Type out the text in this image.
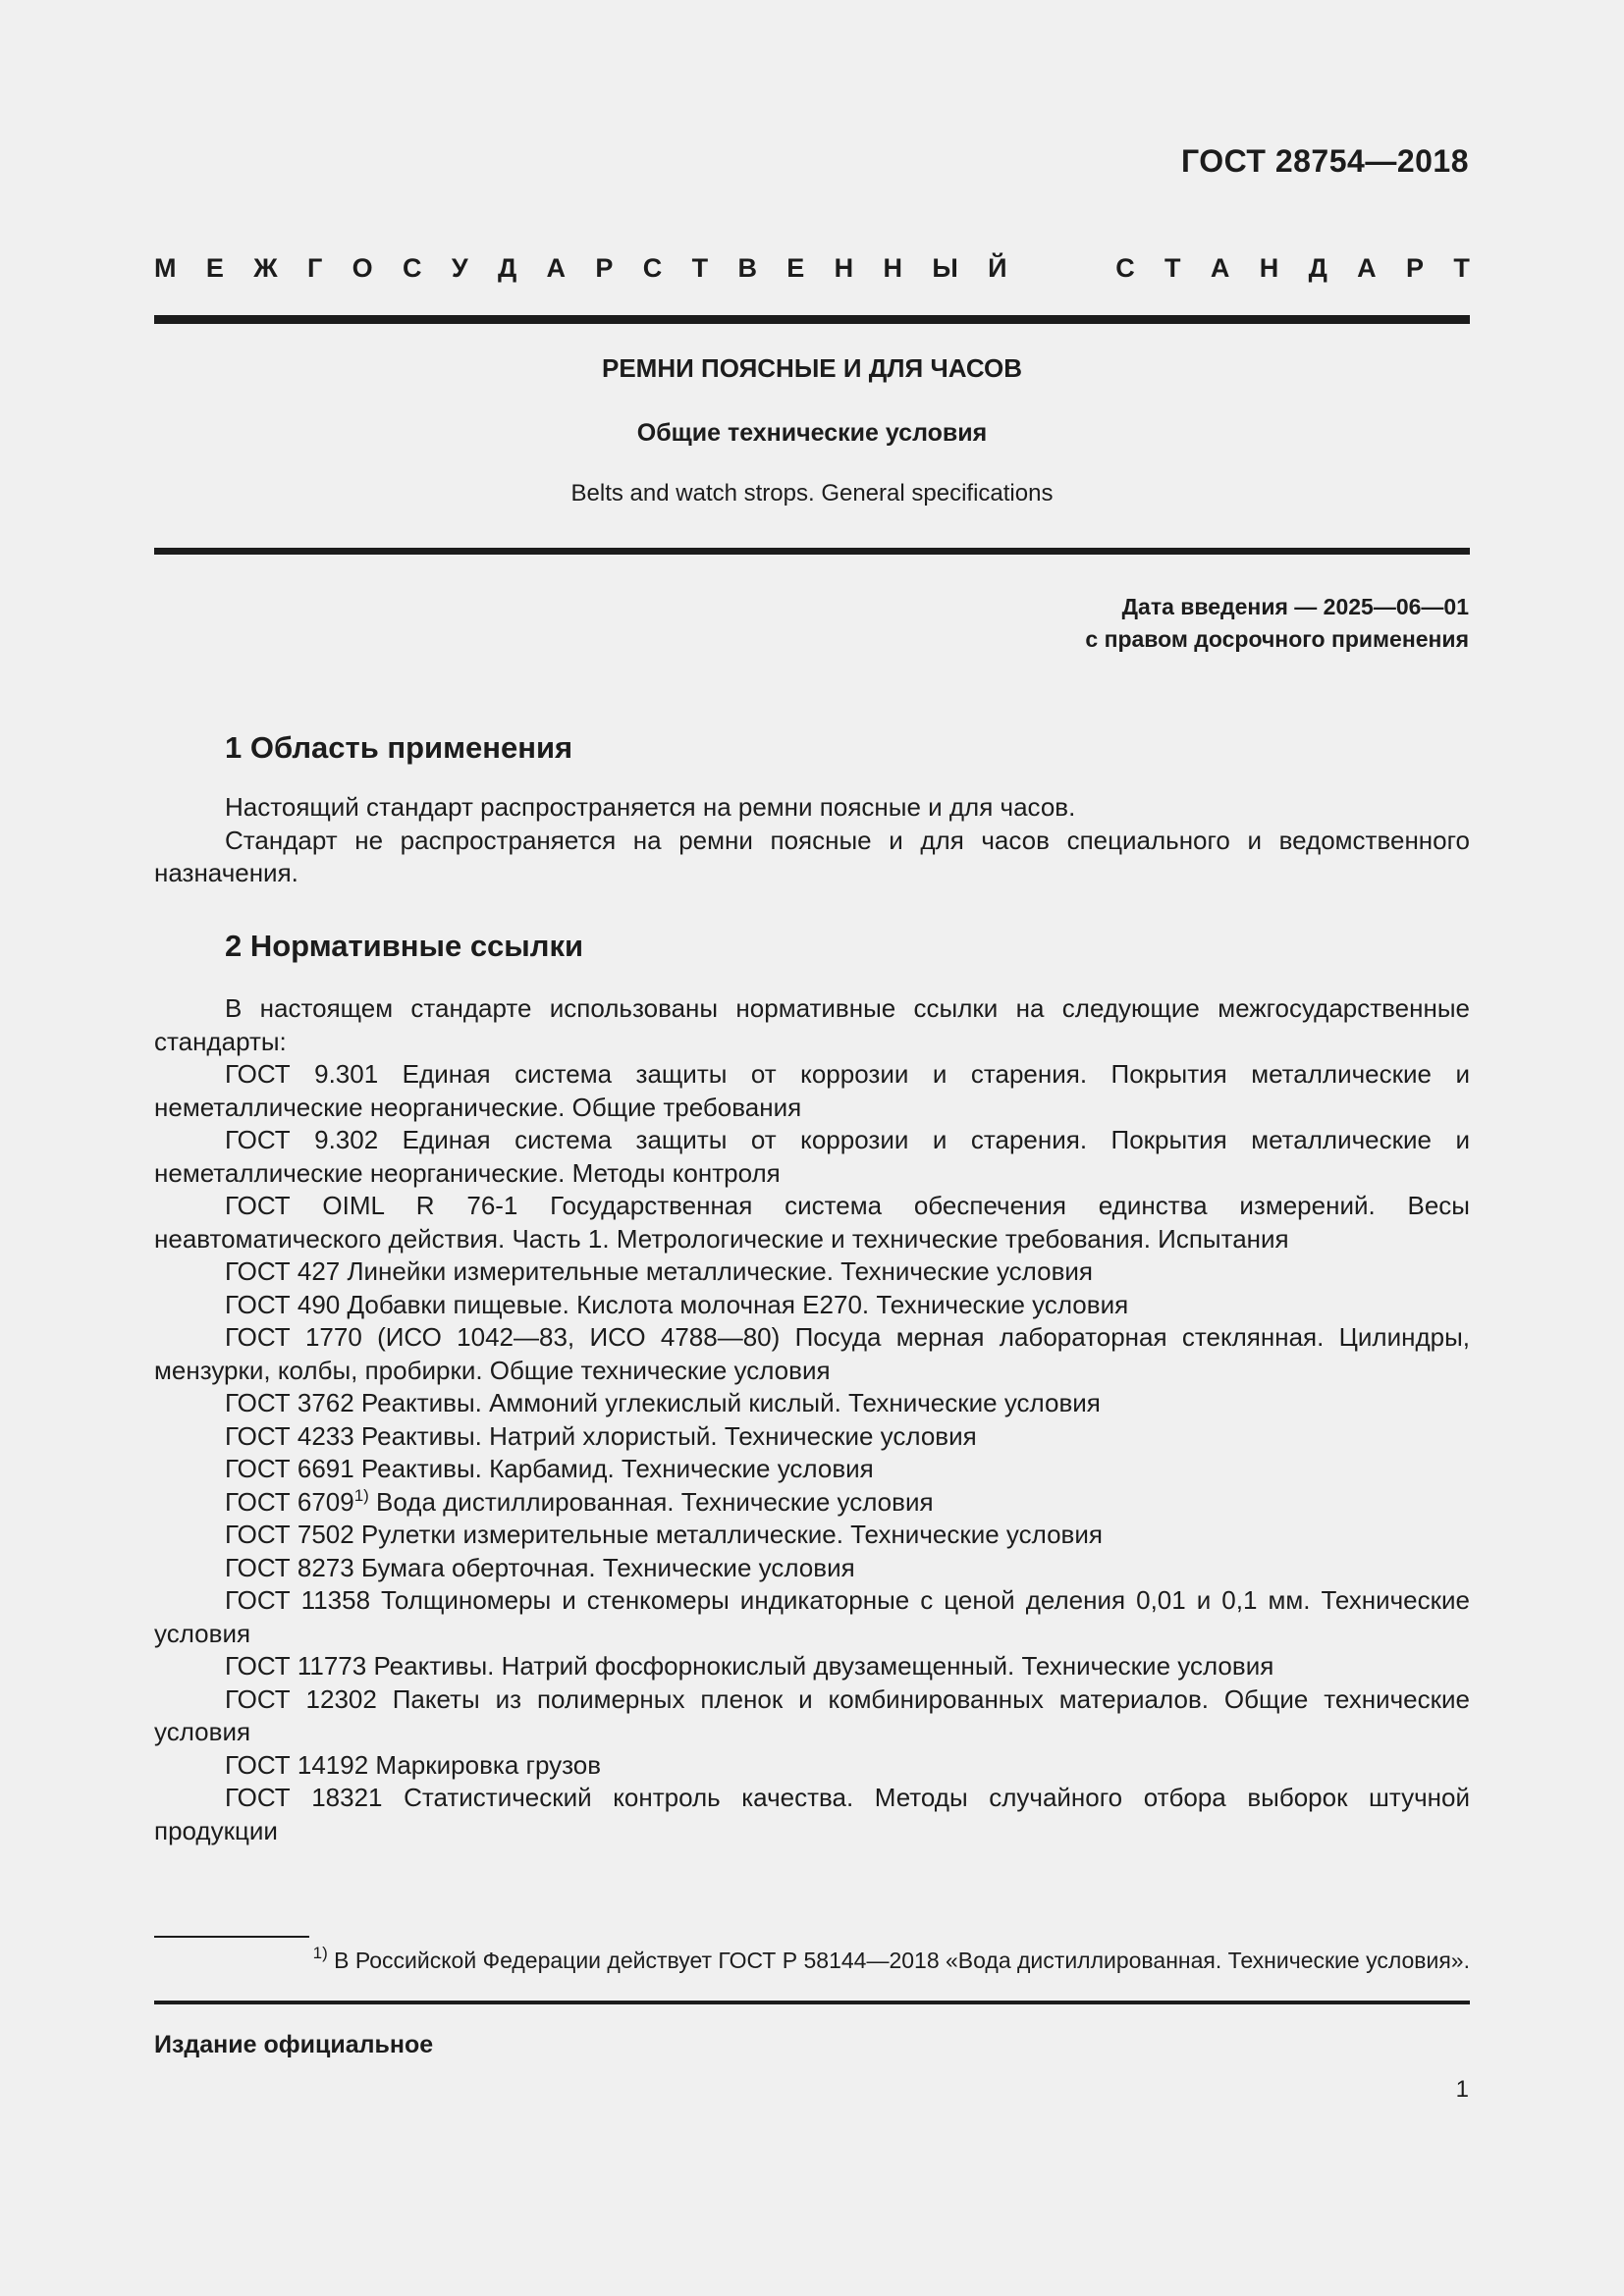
ГОСТ 28754—2018
М Е Ж Г О С У Д А Р С Т В Е Н Н Ы Й	С Т А Н Д А Р Т
РЕМНИ ПОЯСНЫЕ И ДЛЯ ЧАСОВ
Общие технические условия
Belts and watch strops. General specifications
Дата введения — 2025—06—01
с правом досрочного применения
1 Область применения

Настоящий стандарт распространяется на ремни поясные и для часов.

Стандарт не распространяется на ремни поясные и для часов специального и ведомственного назначения.

2 Нормативные ссылки

В настоящем стандарте использованы нормативные ссылки на следующие межгосударственные стандарты:

ГОСТ 9.301 Единая система защиты от коррозии и старения. Покрытия металлические и неметаллические неорганические. Общие требования

ГОСТ 9.302 Единая система защиты от коррозии и старения. Покрытия металлические и неметаллические неорганические. Методы контроля

ГОСТ OIML R 76-1 Государственная система обеспечения единства измерений. Весы неавтоматического действия. Часть 1. Метрологические и технические требования. Испытания

ГОСТ 427 Линейки измерительные металлические. Технические условия

ГОСТ 490 Добавки пищевые. Кислота молочная E270. Технические условия

ГОСТ 1770 (ИСО 1042—83, ИСО 4788—80) Посуда мерная лабораторная стеклянная. Цилиндры, мензурки, колбы, пробирки. Общие технические условия

ГОСТ 3762 Реактивы. Аммоний углекислый кислый. Технические условия

ГОСТ 4233 Реактивы. Натрий хлористый. Технические условия

ГОСТ 6691 Реактивы. Карбамид. Технические условия

ГОСТ 6709$^{1)}$ Вода дистиллированная. Технические условия

ГОСТ 7502 Рулетки измерительные металлические. Технические условия

ГОСТ 8273 Бумага оберточная. Технические условия

ГОСТ 11358 Толщиномеры и стенкомеры индикаторные с ценой деления 0,01 и 0,1 мм. Технические условия

ГОСТ 11773 Реактивы. Натрий фосфорнокислый двузамещенный. Технические условия

ГОСТ 12302 Пакеты из полимерных пленок и комбинированных материалов. Общие технические условия

ГОСТ 14192 Маркировка грузов

ГОСТ 18321 Статистический контроль качества. Методы случайного отбора выборок штучной продукции

$^{1)}$ В Российской Федерации действует ГОСТ Р 58144—2018 «Вода дистиллированная. Технические условия».
Издание официальное
1
